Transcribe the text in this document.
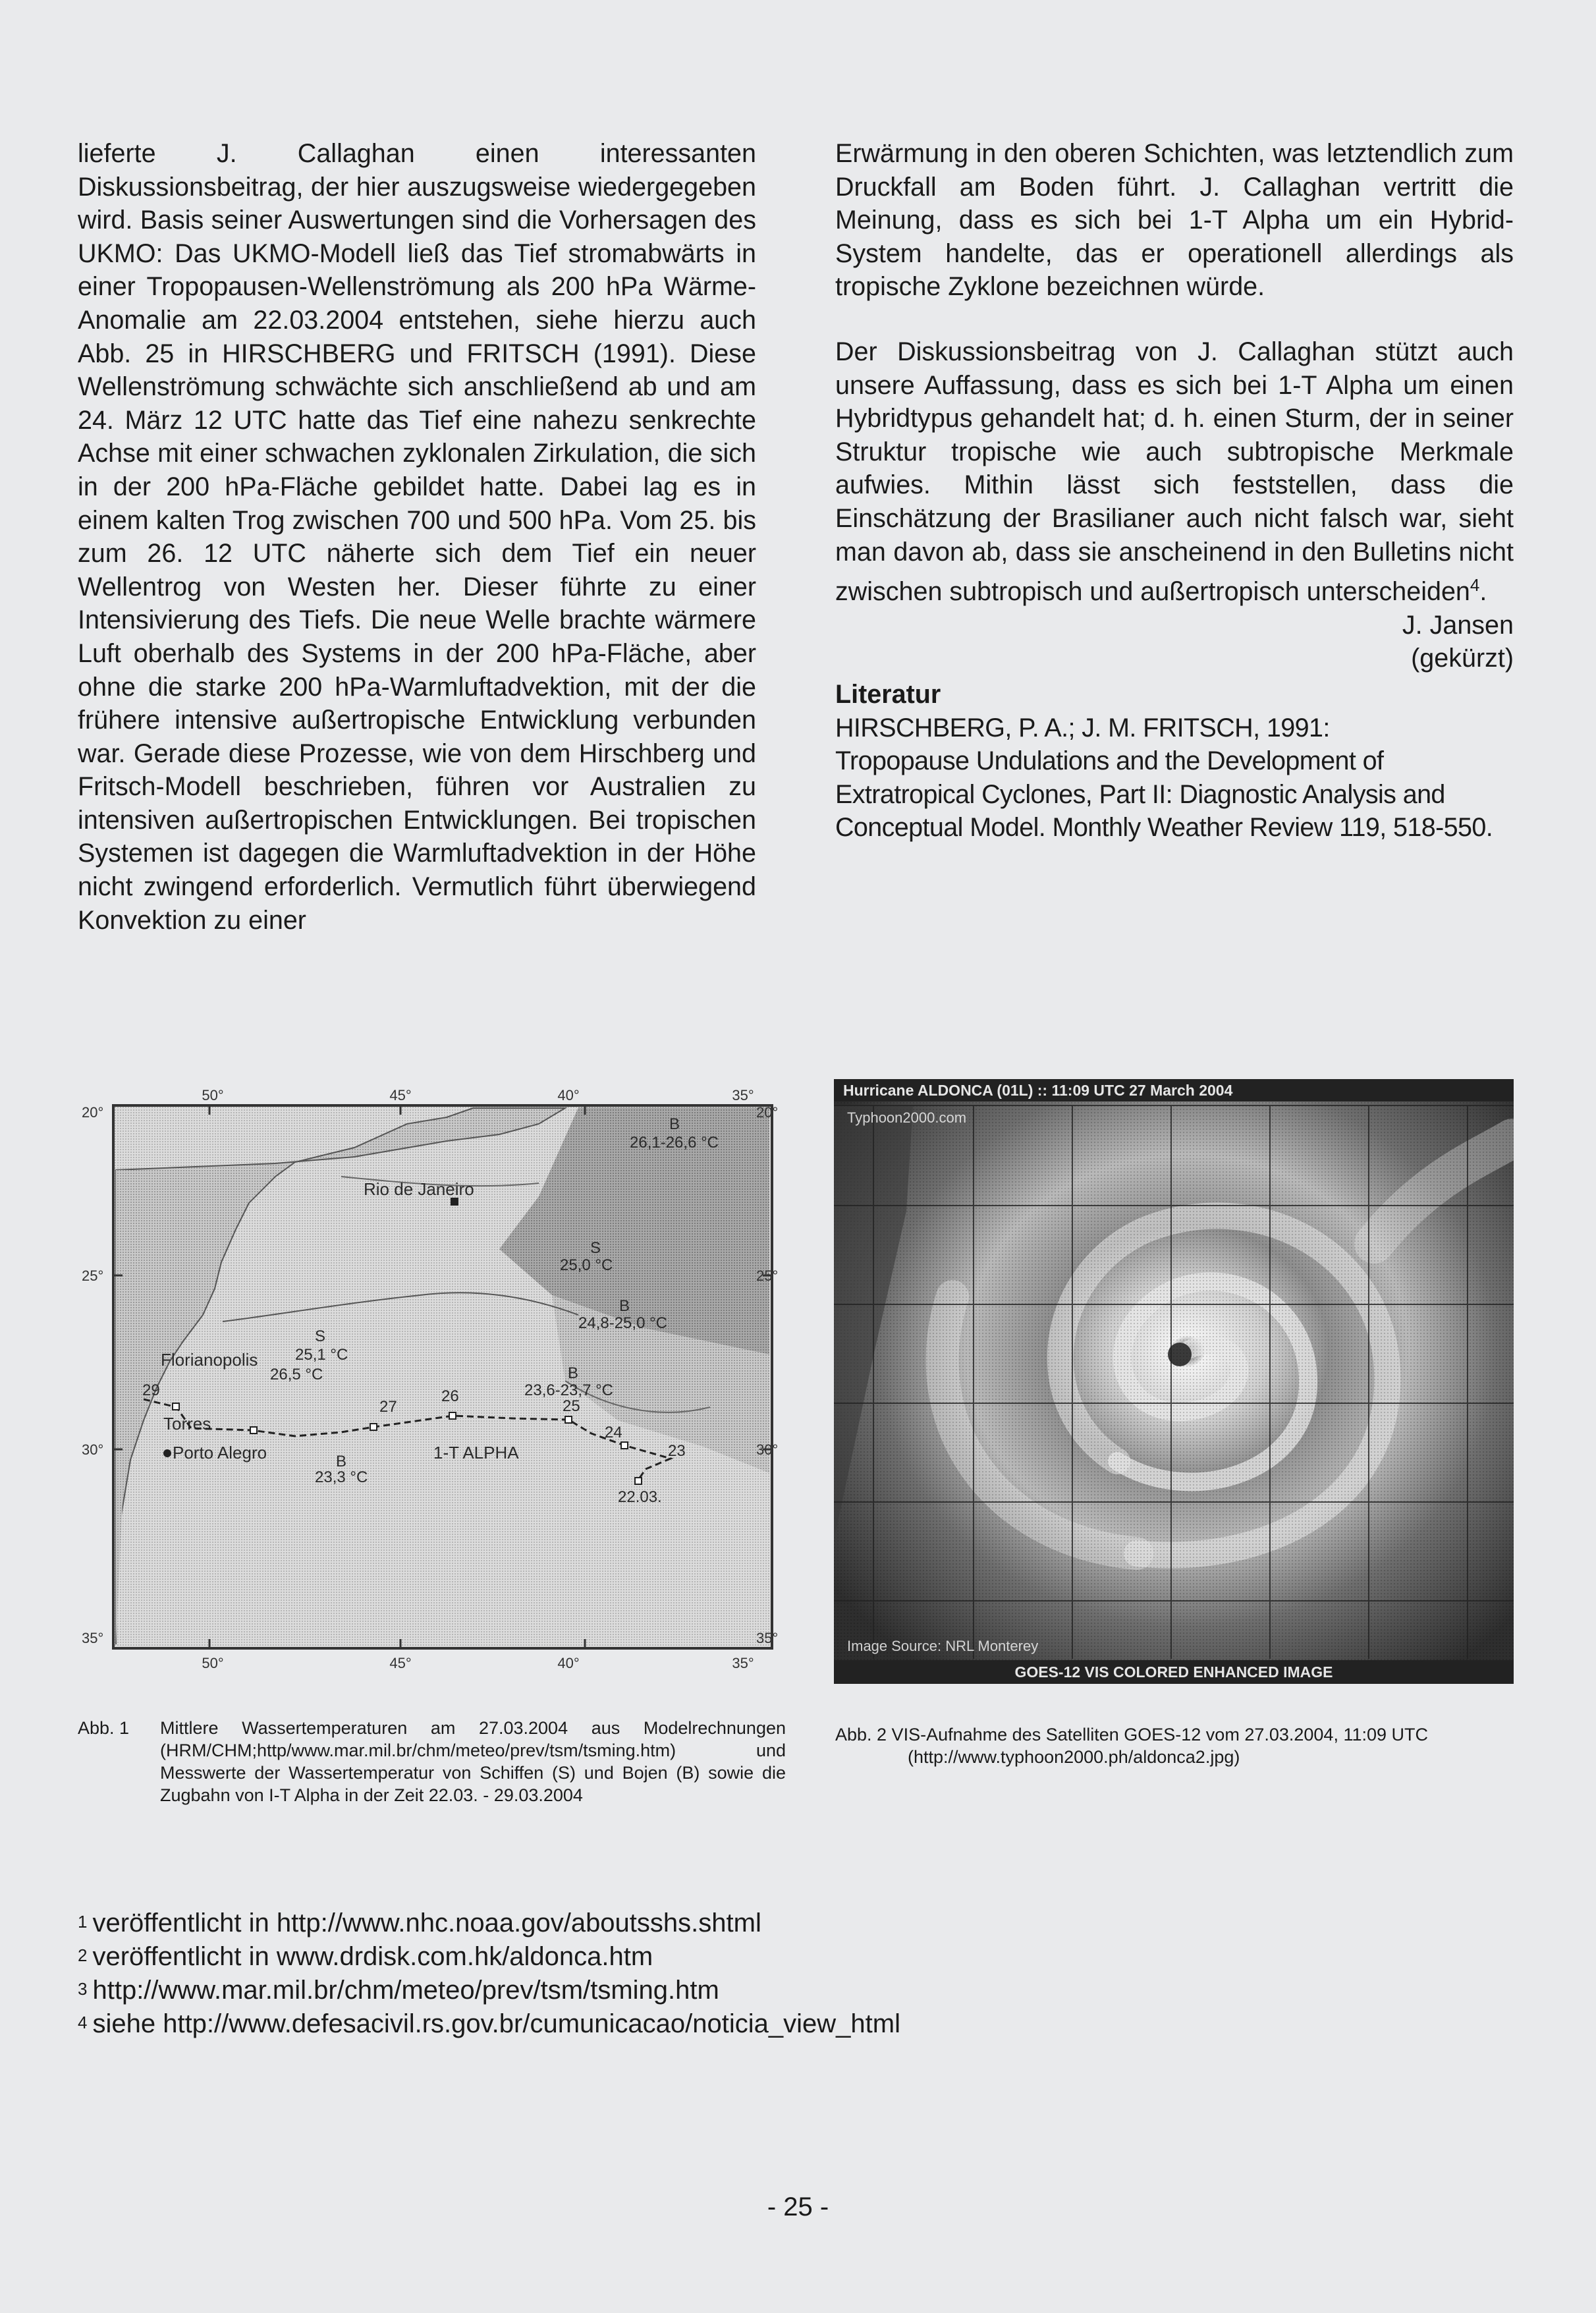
lieferte J. Callaghan einen interessanten Diskussionsbeitrag, der hier auszugsweise wiedergegeben wird. Basis seiner Auswertungen sind die Vorhersagen des UKMO: Das UKMO-Modell ließ das Tief stromabwärts in einer Tropopausen-Wellenströmung als 200 hPa Wärme-Anomalie am 22.03.2004 entstehen, siehe hierzu auch Abb. 25 in HIRSCHBERG und FRITSCH (1991). Diese Wellenströmung schwächte sich anschließend ab und am 24. März 12 UTC hatte das Tief eine nahezu senkrechte Achse mit einer schwachen zyklonalen Zirkulation, die sich in der 200 hPa-Fläche gebildet hatte. Dabei lag es in einem kalten Trog zwischen 700 und 500 hPa. Vom 25. bis zum 26. 12 UTC näherte sich dem Tief ein neuer Wellentrog von Westen her. Dieser führte zu einer Intensivierung des Tiefs. Die neue Welle brachte wärmere Luft oberhalb des Systems in der 200 hPa-Fläche, aber ohne die starke 200 hPa-Warmluftadvektion, mit der die frühere intensive außertropische Entwicklung verbunden war. Gerade diese Prozesse, wie von dem Hirschberg und Fritsch-Modell beschrieben, führen vor Australien zu intensiven außertropischen Entwicklungen. Bei tropischen Systemen ist dagegen die Warmluftadvektion in der Höhe nicht zwingend erforderlich. Vermutlich führt überwiegend Konvektion zu einer

Erwärmung in den oberen Schichten, was letztendlich zum Druckfall am Boden führt. J. Callaghan vertritt die Meinung, dass es sich bei 1-T Alpha um ein Hybrid-System handelte, das er operationell allerdings als tropische Zyklone bezeichnen würde.

Der Diskussionsbeitrag von J. Callaghan stützt auch unsere Auffassung, dass es sich bei 1-T Alpha um einen Hybridtypus gehandelt hat; d. h. einen Sturm, der in seiner Struktur tropische wie auch subtropische Merkmale aufwies. Mithin lässt sich feststellen, dass die Einschätzung der Brasilianer auch nicht falsch war, sieht man davon ab, dass sie anscheinend in den Bulletins nicht zwischen subtropisch und außertropisch unterscheiden$^4$.

J. Jansen
(gekürzt)
Literatur
HIRSCHBERG, P. A.; J. M. FRITSCH, 1991:
Tropopause Undulations and the Development of
Extratropical Cyclones, Part II: Diagnostic Analysis and
Conceptual Model. Monthly Weather Review 119, 518-550.
50°	45°	40°	35°
50°	45°	40°	35°
20°
25°
30°
35°
20°
25°
30°
35°
Rio de Janeiro
Florianopolis
Torres
Porto Alegro	1-T ALPHA
29
27
26
25
24
23
22.03.
B
26,1-26,6 °C
S
25,0 °C
B
24,8-25,0 °C
S
25,1 °C
26,5 °C	B
23,6-23,7 °C
B
23,3 °C
Hurricane ALDONCA (01L) :: 11:09 UTC 27 March 2004
Typhoon2000.com
Image Source: NRL Monterey
GOES-12 VIS COLORED ENHANCED IMAGE
Abb. 1 Mittlere Wassertemperaturen am 27.03.2004 aus Modelrechnungen (HRM/CHM;http/www.mar.mil.br/chm/meteo/prev/tsm/tsming.htm) und Messwerte der Wassertemperatur von Schiffen (S) und Bojen (B) sowie die Zugbahn von I-T Alpha in der Zeit 22.03. - 29.03.2004
Abb. 2 VIS-Aufnahme des Satelliten GOES-12 vom 27.03.2004, 11:09 UTC
(http://www.typhoon2000.ph/aldonca2.jpg)
$^1$ veröffentlicht in http://www.nhc.noaa.gov/aboutsshs.shtml
$^2$ veröffentlicht in www.drdisk.com.hk/aldonca.htm
$^3$ http://www.mar.mil.br/chm/meteo/prev/tsm/tsming.htm
$^4$ siehe http://www.defesacivil.rs.gov.br/cumunicacao/noticia_view_html
- 25 -
